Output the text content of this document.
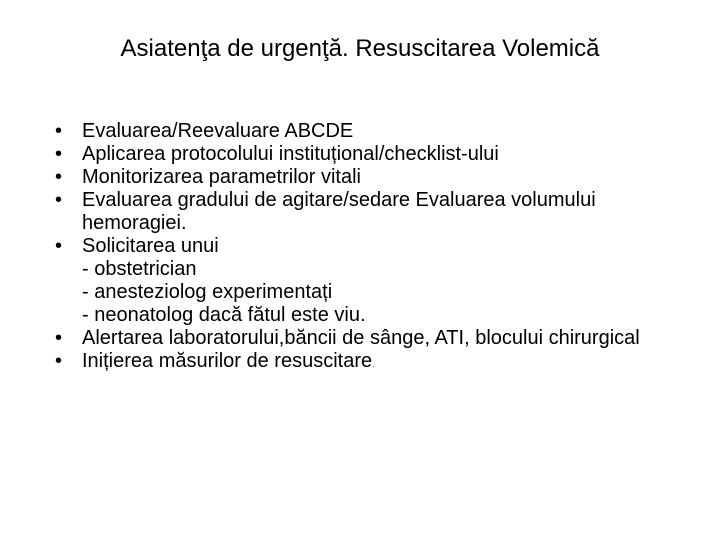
Asiatenţa de urgenţă. Resuscitarea Volemică
• Evaluarea/Reevaluare ABCDE
• Aplicarea protocolului instituțional/checklist-ului
• Monitorizarea parametrilor vitali
• Evaluarea gradului de agitare/sedare Evaluarea volumului hemoragiei.
• Solicitarea unui
- obstetrician
- anesteziolog experimentați
- neonatolog dacă fătul este viu.
• Alertarea laboratorului,băncii de sânge, ATI, blocului chirurgical
• Inițierea măsurilor de resuscitare.
